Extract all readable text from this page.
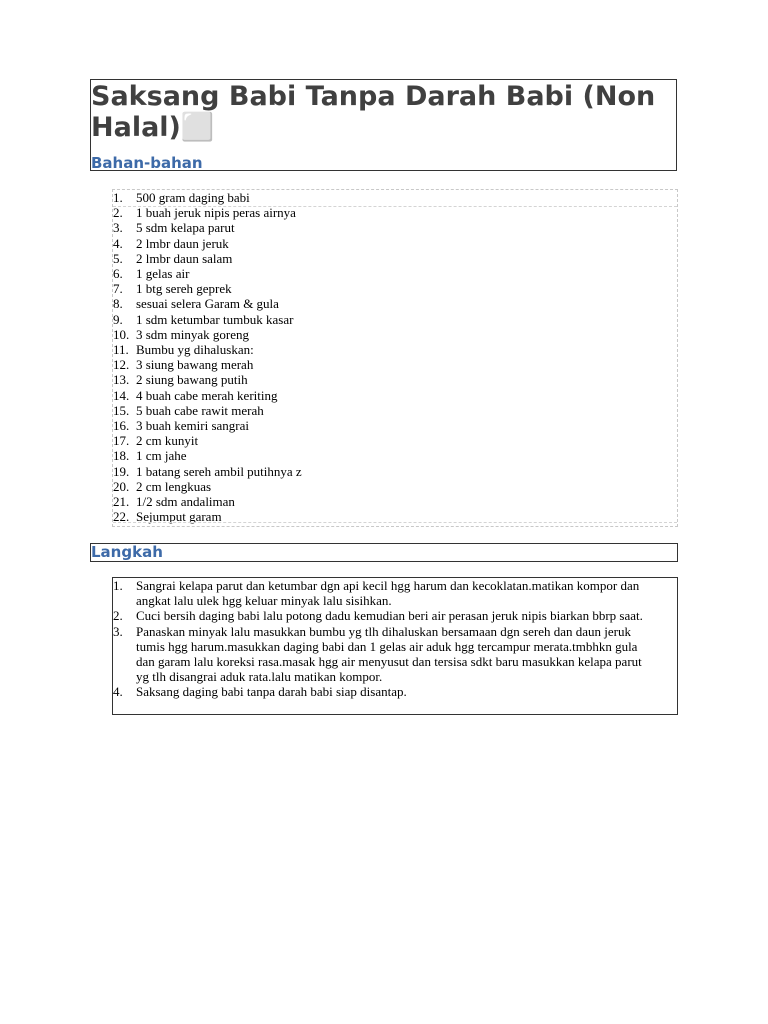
Saksang Babi Tanpa Darah Babi (Non Halal)⬜
Bahan-bahan
1. 500 gram daging babi
2. 1 buah jeruk nipis peras airnya
3. 5 sdm kelapa parut
4. 2 lmbr daun jeruk
5. 2 lmbr daun salam
6. 1 gelas air
7. 1 btg sereh geprek
8. sesuai selera Garam & gula
9. 1 sdm ketumbar tumbuk kasar
10. 3 sdm minyak goreng
11. Bumbu yg dihaluskan:
12. 3 siung bawang merah
13. 2 siung bawang putih
14. 4 buah cabe merah keriting
15. 5 buah cabe rawit merah
16. 3 buah kemiri sangrai
17. 2 cm kunyit
18. 1 cm jahe
19. 1 batang sereh ambil putihnya z
20. 2 cm lengkuas
21. 1/2 sdm andaliman
22. Sejumput garam
Langkah
1. Sangrai kelapa parut dan ketumbar dgn api kecil hgg harum dan kecoklatan.matikan kompor dan angkat lalu ulek hgg keluar minyak lalu sisihkan.
2. Cuci bersih daging babi lalu potong dadu kemudian beri air perasan jeruk nipis biarkan bbrp saat.
3. Panaskan minyak lalu masukkan bumbu yg tlh dihaluskan bersamaan dgn sereh dan daun jeruk tumis hgg harum.masukkan daging babi dan 1 gelas air aduk hgg tercampur merata.tmbhkn gula dan garam lalu koreksi rasa.masak hgg air menyusut dan tersisa sdkt baru masukkan kelapa parut yg tlh disangrai aduk rata.lalu matikan kompor.
4. Saksang daging babi tanpa darah babi siap disantap.
